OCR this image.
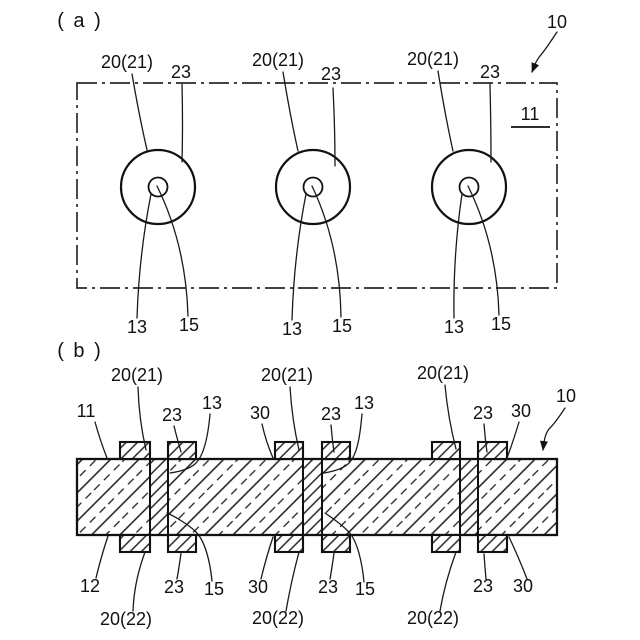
( a )	10
11
20(21) 23
20(21)
23
20(21)
23
13 15	13 15	13 15
( b )
11
20(21)
23
13 30
20(21)
23
13
20(21)
23 30
10
12
20(22)
23 15 30
20(22)
23 15
20(22)
23 30
